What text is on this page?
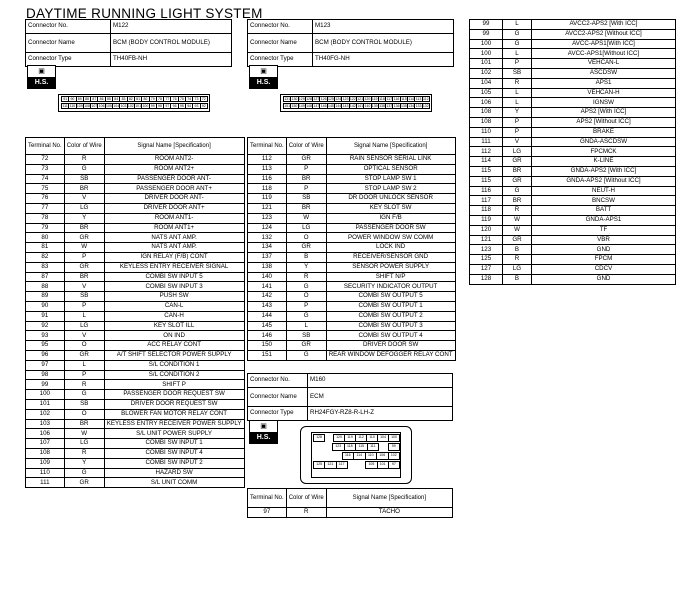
DAYTIME RUNNING LIGHT SYSTEM
Connector No.	M122
Connector Name	BCM (BODY CONTROL MODULE)
Connector Type	TH40FB-NH
▣
H.S.
91 90 89 88 87 86 85 84 83 82 81 80 79 78 77 76 75 74 73 72
111 110 109 108 107 106 105 104 103 102 101 100 99 98 97 96 95 94 93 92
Connector No.	M123
Connector Name	BCM (BODY CONTROL MODULE)
Connector Type	TH40FG-NH
▣
H.S.
131 130 129 128 127 126 125 124 123 122 121 120 119 118 117 116 115 114 113 112
151 150 149 148 147 146 145 144 143 142 141 140 139 138 137 136 135 134 133 132
Terminal No.	Color of Wire	Signal Name [Specification]
72	R	ROOM ANT2-
73	G	ROOM ANT2+
74	SB	PASSENGER DOOR ANT-
75	BR	PASSENGER DOOR ANT+
76	V	DRIVER DOOR ANT-
77	LG	DRIVER DOOR ANT+
78	Y	ROOM ANT1-
79	BR	ROOM ANT1+
80	GR	NATS ANT AMP.
81	W	NATS ANT AMP.
82	P	IGN RELAY (F/B) CONT
83	GR	KEYLESS ENTRY RECEIVER SIGNAL
87	BR	COMBI SW INPUT 5
88	V	COMBI SW INPUT 3
89	SB	PUSH SW
90	P	CAN-L
91	L	CAN-H
92	LG	KEY SLOT ILL
93	V	ON IND
95	O	ACC RELAY CONT
96	GR	A/T SHIFT SELECTOR POWER SUPPLY
97	L	S/L CONDITION 1
98	P	S/L CONDITION 2
99	R	SHIFT P
100	G	PASSENGER DOOR REQUEST SW
101	SB	DRIVER DOOR REQUEST SW
102	O	BLOWER FAN MOTOR RELAY CONT
103	BR	KEYLESS ENTRY RECEIVER POWER SUPPLY
106	W	S/L UNIT POWER SUPPLY
107	LG	COMBI SW INPUT 1
108	R	COMBI SW INPUT 4
109	Y	COMBI SW INPUT 2
110	G	HAZARD SW
111	GR	S/L UNIT COMM
Terminal No.	Color of Wire	Signal Name [Specification]
112	GR	RAIN SENSOR SERIAL LINK
113	P	OPTICAL SENSOR
116	BR	STOP LAMP SW 1
118	P	STOP LAMP SW 2
119	SB	DR DOOR UNLOCK SENSOR
121	BR	KEY SLOT SW
123	W	IGN F/B
124	LG	PASSENGER DOOR SW
132	O	POWER WINDOW SW COMM
134	GR	LOCK IND
137	B	RECEIVER/SENSOR GND
138	Y	SENSOR POWER SUPPLY
140	R	SHIFT N/P
141	G	SECURITY INDICATOR OUTPUT
142	O	COMBI SW OUTPUT 5
143	P	COMBI SW OUTPUT 1
144	G	COMBI SW OUTPUT 2
145	L	COMBI SW OUTPUT 3
146	SB	COMBI SW OUTPUT 4
150	GR	DRIVER DOOR SW
151	G	REAR WINDOW DEFOGGER RELAY CONT
Connector No.	M160
Connector Name	ECM
Connector Type	RH24FGY-RZ8-R-LH-Z
▣
H.S.	128	120	119	112	110	104	100
123	118	115	111	99
116	114	110	106	102
125	121	117	105	101	97
Terminal No.	Color of Wire	Signal Name [Specification]
97	R	TACHO
99	L	AVCC2-APS2 [With ICC]
99	G	AVCC2-APS2 [Without ICC]
100	G	AVCC-APS1[With ICC]
100	L	AVCC-APS1[Without ICC]
101	P	VEHCAN-L
102	SB	ASCDSW
104	R	APS1
105	L	VEHCAN-H
106	L	IGNSW
108	Y	APS2 [With ICC]
108	P	APS2 [Without ICC]
110	P	BRAKE
111	V	GNDA-ASCDSW
112	LG	FPCMCK
114	GR	K-LINE
115	BR	GNDA-APS2 [With ICC]
115	GR	GNDA-APS2 [Without ICC]
116	G	NEUT-H
117	BR	BNCSW
118	R	BATT
119	W	GNDA-APS1
120	W	TF
121	GR	VBR
123	B	GND
125	R	FPCM
127	LG	CDCV
128	B	GND
